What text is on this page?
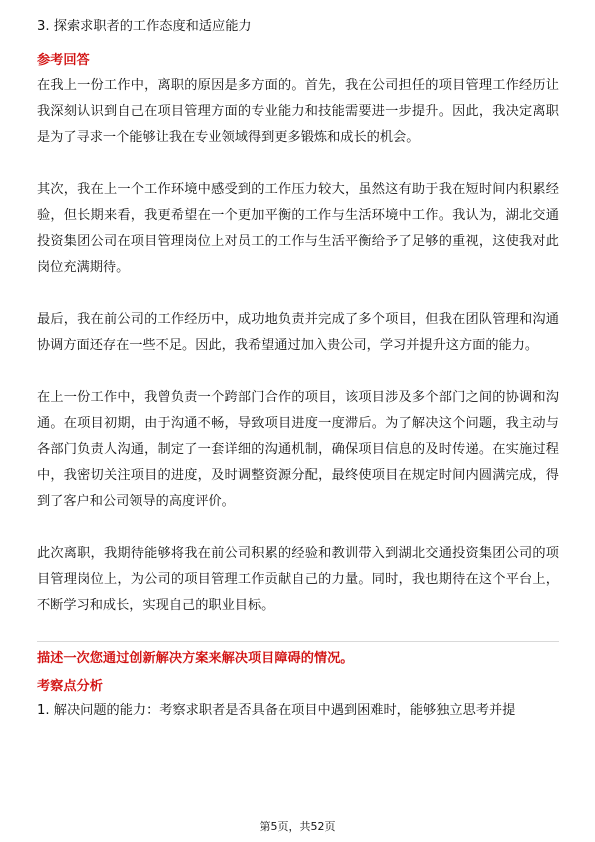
3. 探索求职者的工作态度和适应能力
参考回答

在我上一份工作中，离职的原因是多方面的。首先，我在公司担任的项目管理工作经历让我深刻认识到自己在项目管理方面的专业能力和技能需要进一步提升。因此，我决定离职是为了寻求一个能够让我在专业领域得到更多锻炼和成长的机会。

其次，我在上一个工作环境中感受到的工作压力较大，虽然这有助于我在短时间内积累经验，但长期来看，我更希望在一个更加平衡的工作与生活环境中工作。我认为，湖北交通投资集团公司在项目管理岗位上对员工的工作与生活平衡给予了足够的重视，这使我对此岗位充满期待。

最后，我在前公司的工作经历中，成功地负责并完成了多个项目，但我在团队管理和沟通协调方面还存在一些不足。因此，我希望通过加入贵公司，学习并提升这方面的能力。

在上一份工作中，我曾负责一个跨部门合作的项目，该项目涉及多个部门之间的协调和沟通。在项目初期，由于沟通不畅，导致项目进度一度滞后。为了解决这个问题，我主动与各部门负责人沟通，制定了一套详细的沟通机制，确保项目信息的及时传递。在实施过程中，我密切关注项目的进度，及时调整资源分配，最终使项目在规定时间内圆满完成，得到了客户和公司领导的高度评价。

此次离职，我期待能够将我在前公司积累的经验和教训带入到湖北交通投资集团公司的项目管理岗位上，为公司的项目管理工作贡献自己的力量。同时，我也期待在这个平台上，不断学习和成长，实现自己的职业目标。

描述一次您通过创新解决方案来解决项目障碍的情况。
考察点分析
1. 解决问题的能力：考察求职者是否具备在项目中遇到困难时，能够独立思考并提
第5页，共52页
